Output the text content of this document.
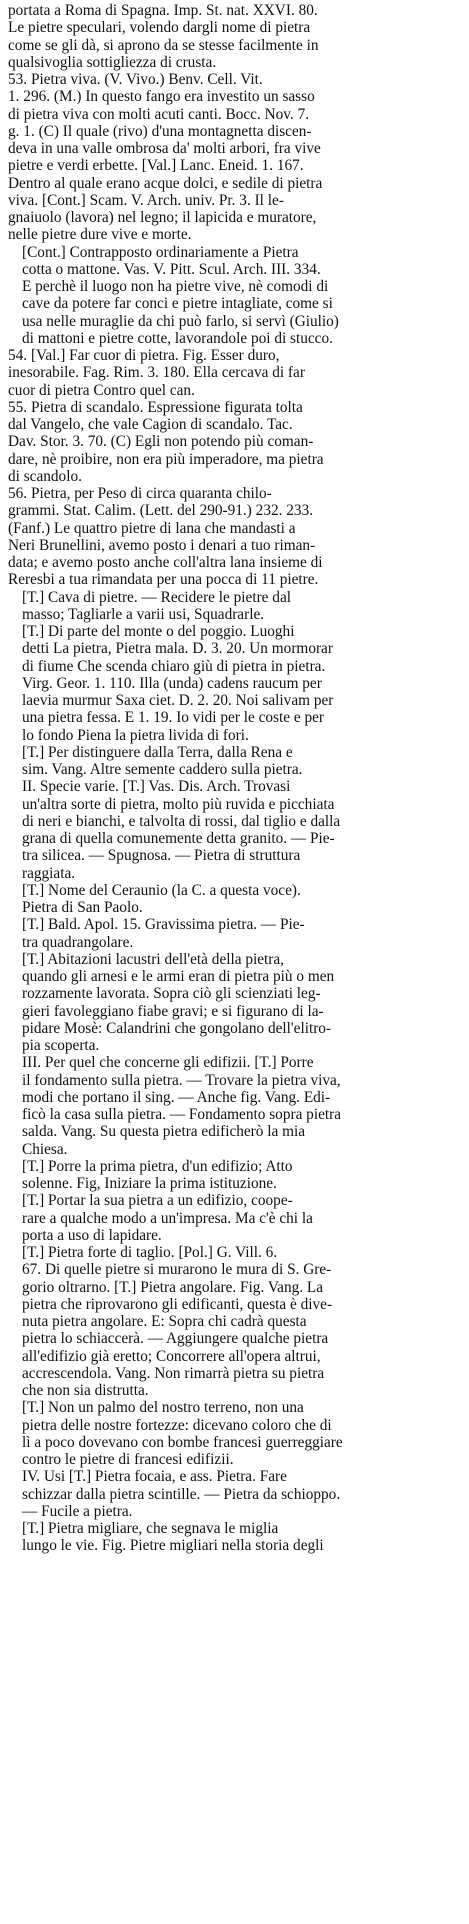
portata a Roma di Spagna. Imp. St. nat. XXVI. 80.
Le pietre speculari, volendo dargli nome di pietra
come se gli dà, si aprono da se stesse facilmente in
qualsivoglia sottigliezza di crusta.

53. Pietra viva. (V. Vivo.) Benv. Cell. Vit.
1. 296. (M.) In questo fango era investito un sasso
di pietra viva con molti acuti canti. Bocc. Nov. 7.
g. 1. (C) Il quale (rivo) d'una montagnetta discen-
deva in una valle ombrosa da' molti arbori, fra vive
pietre e verdi erbette. [Val.] Lanc. Eneid. 1. 167.
Dentro al quale erano acque dolci, e sedile di pietra
viva. [Cont.] Scam. V. Arch. univ. Pr. 3. Il le-
gnaiuolo (lavora) nel legno; il lapicida e muratore,
nelle pietre dure vive e morte.

[Cont.] Contrapposto ordinariamente a Pietra
cotta o mattone. Vas. V. Pitt. Scul. Arch. III. 334.
E perchè il luogo non ha pietre vive, nè comodi di
cave da potere far conci e pietre intagliate, come si
usa nelle muraglie da chi può farlo, si servì (Giulio)
di mattoni e pietre cotte, lavorandole poi di stucco.

54. [Val.] Far cuor di pietra. Fig. Esser duro,
inesorabile. Fag. Rim. 3. 180. Ella cercava di far
cuor di pietra Contro quel can.

55. Pietra di scandalo. Espressione figurata tolta
dal Vangelo, che vale Cagion di scandalo. Tac.
Dav. Stor. 3. 70. (C) Egli non potendo più coman-
dare, nè proibire, non era più imperadore, ma pietra
di scandolo.

56. Pietra, per Peso di circa quaranta chilo-
grammi. Stat. Calim. (Lett. del 290-91.) 232. 233.
(Fanf.) Le quattro pietre di lana che mandasti a
Neri Brunellini, avemo posto i denari a tuo riman-
data; e avemo posto anche coll'altra lana insieme di
Reresbi a tua rimandata per una pocca di 11 pietre.

[T.] Cava di pietre. — Recidere le pietre dal
masso; Tagliarle a varii usi, Squadrarle.

[T.] Di parte del monte o del poggio. Luoghi
detti La pietra, Pietra mala. D. 3. 20. Un mormorar
di fiume Che scenda chiaro giù di pietra in pietra.
Virg. Geor. 1. 110. Illa (unda) cadens raucum per
laevia murmur Saxa ciet. D. 2. 20. Noi salivam per
una pietra fessa. E 1. 19. Io vidi per le coste e per
lo fondo Piena la pietra livida di fori.

[T.] Per distinguere dalla Terra, dalla Rena e
sim. Vang. Altre semente caddero sulla pietra.

II. Specie varie. [T.] Vas. Dis. Arch. Trovasi
un'altra sorte di pietra, molto più ruvida e picchiata
di neri e bianchi, e talvolta di rossi, dal tiglio e dalla
grana di quella comunemente detta granito. — Pie-
tra silicea. — Spugnosa. — Pietra di struttura
raggiata.

[T.] Nome del Ceraunio (la C. a questa voce).
Pietra di San Paolo.

[T.] Bald. Apol. 15. Gravissima pietra. — Pie-
tra quadrangolare.

[T.] Abitazioni lacustri dell'età della pietra,
quando gli arnesi e le armi eran di pietra più o men
rozzamente lavorata. Sopra ciò gli scienziati leg-
gieri favoleggiano fiabe gravi; e si figurano di la-
pidare Mosè: Calandrini che gongolano dell'elitro-
pia scoperta.

III. Per quel che concerne gli edifizii. [T.] Porre
il fondamento sulla pietra. — Trovare la pietra viva,
modi che portano il sing. — Anche fig. Vang. Edi-
ficò la casa sulla pietra. — Fondamento sopra pietra
salda. Vang. Su questa pietra edificherò la mia
Chiesa.

[T.] Porre la prima pietra, d'un edifizio; Atto
solenne. Fig, Iniziare la prima istituzione.

[T.] Portar la sua pietra a un edifizio, coope-
rare a qualche modo a un'impresa. Ma c'è chi la
porta a uso di lapidare.

[T.] Pietra forte di taglio. [Pol.] G. Vill. 6.
67. Di quelle pietre si murarono le mura di S. Gre-
gorio oltrarno. [T.] Pietra angolare. Fig. Vang. La
pietra che riprovarono gli edificanti, questa è dive-
nuta pietra angolare. E: Sopra chi cadrà questa
pietra lo schiaccerà. — Aggiungere qualche pietra
all'edifizio già eretto; Concorrere all'opera altrui,
accrescendola. Vang. Non rimarrà pietra su pietra
che non sia distrutta.

[T.] Non un palmo del nostro terreno, non una
pietra delle nostre fortezze: dicevano coloro che di
lì a poco dovevano con bombe francesi guerreggiare
contro le pietre di francesi edifizii.

IV. Usi [T.] Pietra focaia, e ass. Pietra. Fare
schizzar dalla pietra scintille. — Pietra da schioppo.
— Fucile a pietra.

[T.] Pietra migliare, che segnava le miglia
lungo le vie. Fig. Pietre migliari nella storia degli
